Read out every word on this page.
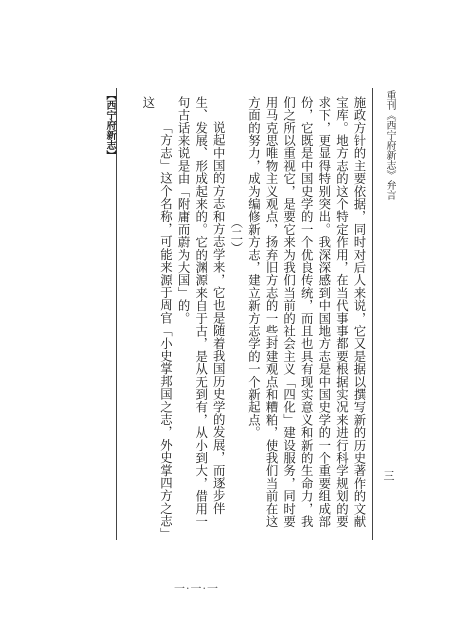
【西宁府新志】	重刊《西宁府新志》弁言
三

施政方针的主要依据，同时对后人来说，它又是据以撰写新的历史著作的文献宝库。地方志的这个特定作用，在当代事事都要根据实况来进行科学规划的要求下，更显得特别突出。我深深感到中国地方志是中国史学的一个重要组成部份，它既是中国史学的一个优良传统，而且也具有现实意义和新的生命力，我们之所以重视它，是要它来为我们当前的社会主义「四化」建设服务，同时要用马克思唯物主义观点，扬弃旧方志的一些封建观点和糟粕，使我们当前在这方面的努力，成为编修新方志，建立新方志学的一个新起点。

（二）

说起中国的方志和方志学来，它也是随着我国历史学的发展，而逐步伴生、发展、形成起来的。它的渊源来自于古，是从无到有，从小到大，借用一句古话来说是由「附庸而蔚为大国」的。

「方志」这个名称，可能来源于周官「小史掌邦国之志，外史掌四方之志」这

一·一·一
